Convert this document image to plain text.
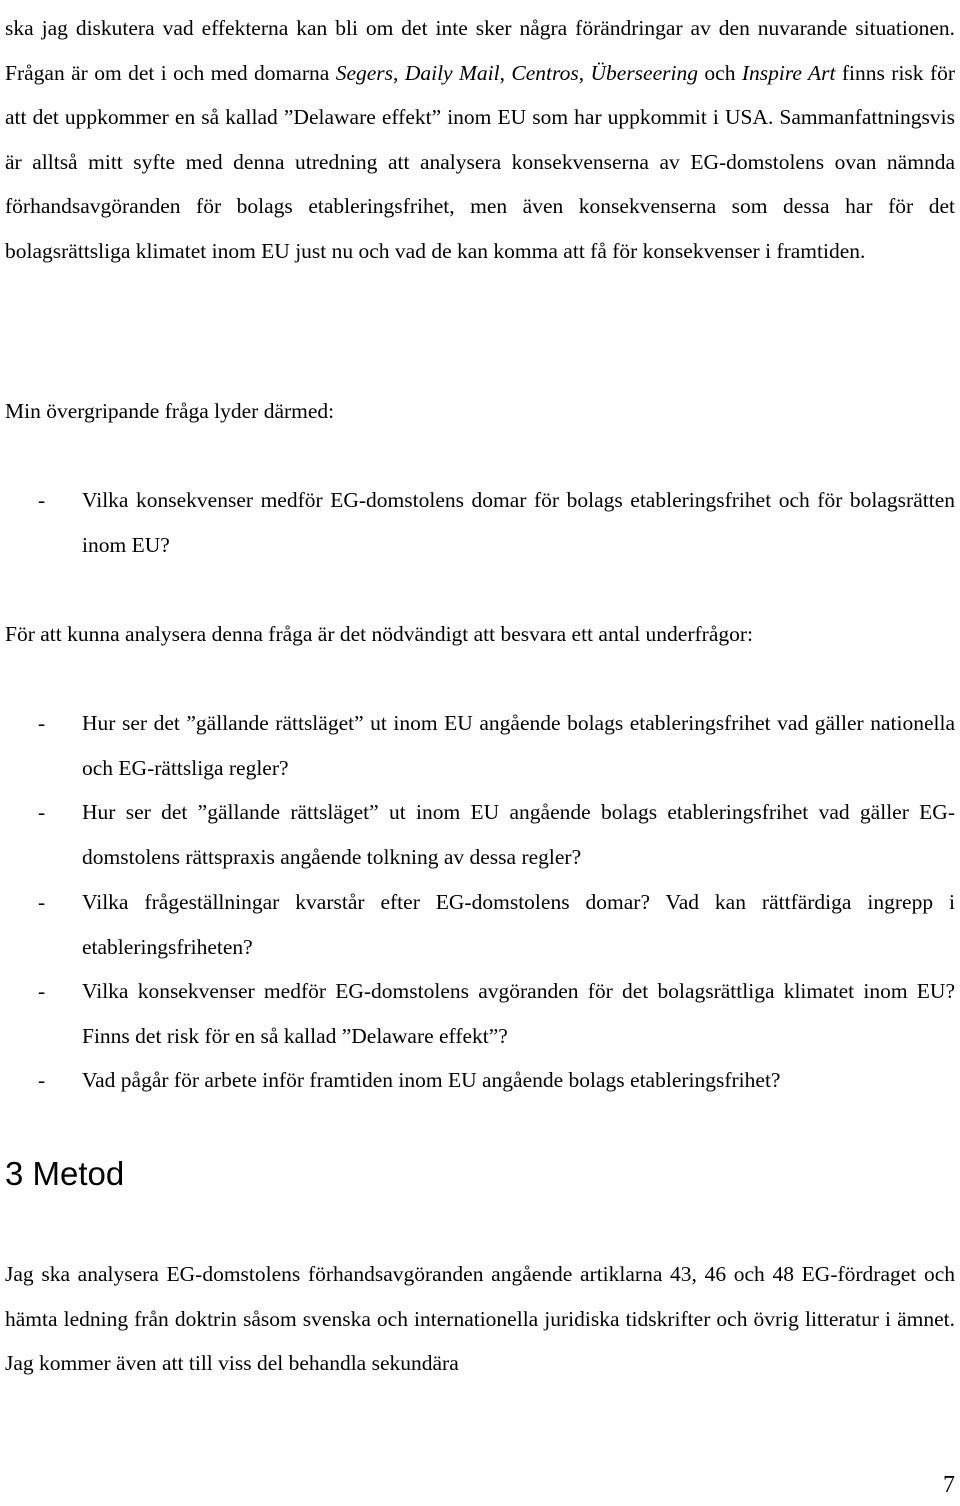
ska jag diskutera vad effekterna kan bli om det inte sker några förändringar av den nuvarande situationen. Frågan är om det i och med domarna Segers, Daily Mail, Centros, Überseering och Inspire Art finns risk för att det uppkommer en så kallad ”Delaware effekt” inom EU som har uppkommit i USA. Sammanfattningsvis är alltså mitt syfte med denna utredning att analysera konsekvenserna av EG-domstolens ovan nämnda förhandsavgöranden för bolags etableringsfrihet, men även konsekvenserna som dessa har för det bolagsrättsliga klimatet inom EU just nu och vad de kan komma att få för konsekvenser i framtiden.

Min övergripande fråga lyder därmed:

- Vilka konsekvenser medför EG-domstolens domar för bolags etableringsfrihet och för bolagsrätten inom EU?

För att kunna analysera denna fråga är det nödvändigt att besvara ett antal underfrågor:

- Hur ser det ”gällande rättsläget” ut inom EU angående bolags etableringsfrihet vad gäller nationella och EG-rättsliga regler?
- Hur ser det ”gällande rättsläget” ut inom EU angående bolags etableringsfrihet vad gäller EG-domstolens rättspraxis angående tolkning av dessa regler?
- Vilka frågeställningar kvarstår efter EG-domstolens domar? Vad kan rättfärdiga ingrepp i etableringsfriheten?
- Vilka konsekvenser medför EG-domstolens avgöranden för det bolagsrättliga klimatet inom EU? Finns det risk för en så kallad ”Delaware effekt”?
- Vad pågår för arbete inför framtiden inom EU angående bolags etableringsfrihet?
3 Metod

Jag ska analysera EG-domstolens förhandsavgöranden angående artiklarna 43, 46 och 48 EG-fördraget och hämta ledning från doktrin såsom svenska och internationella juridiska tidskrifter och övrig litteratur i ämnet. Jag kommer även att till viss del behandla sekundära

7
